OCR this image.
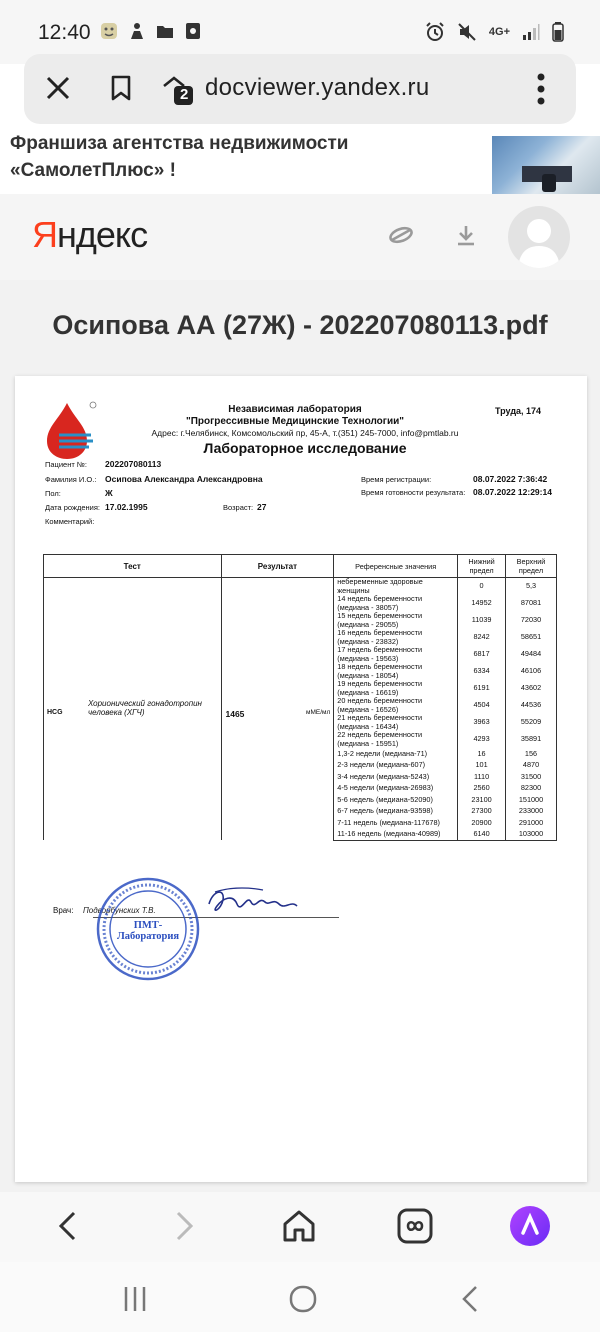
12:40	4G+
2 docviewer.yandex.ru
Франшиза агентства недвижимости «СамолетПлюс» !
Яндекс
Осипова АА (27Ж) - 202207080113.pdf
Независимая лаборатория
"Прогрессивные Медицинские Технологии"
Адрес: г.Челябинск, Комсомольский пр, 45-А, т.(351) 245-7000, info@pmtlab.ru
Труда, 174
Лабораторное исследование
Пациент №: 202207080113
Фамилия И.О.: Осипова Александра Александровна
Пол:	Ж
Дата рождения: 17.02.1995	Возраст: 27
Комментарий:
Время регистрации:	08.07.2022 7:36:42
Время готовности результата: 08.07.2022 12:29:14
Тест	Результат	Референсные значения	Нижний предел	Верхний предел

HCG
Хорионический гонадотропин человека (ХГЧ)	1465 мМЕ/мл	небеременные здоровые женщины	0	5,3
		14 недель беременности (медиана - 38057)	14952	87081
		15 недель беременности (медиана - 29055)	11039	72030
		16 недель беременности (медиана - 23832)	8242	58651
		17 недель беременности (медиана - 19563)	6817	49484
		18 недель беременности (медиана - 18054)	6334	46106
		19 недель беременности (медиана - 16619)	6191	43602
		20 недель беременности (медиана - 16526)	4504	44536
		21 недель беременности (медиана - 16434)	3963	55209
		22 недель беременности (медиана - 15951)	4293	35891
		1,3-2 недели (медиана-71)	16	156
		2-3 недели (медиана-607)	101	4870
		3-4 недели (медиана-5243)	1110	31500
		4-5 недели (медиана-26983)	2560	82300
		5-6 недель (медиана-52090)	23100	151000
		6-7 недель (медиана-93598)	27300	233000
		7-11 недель (медиана-117678)	20900	291000
		11-16 недель (медиана-40989)	6140	103000
Врач: Подворбунских Т.В.
ПМТ-Лаборатория
